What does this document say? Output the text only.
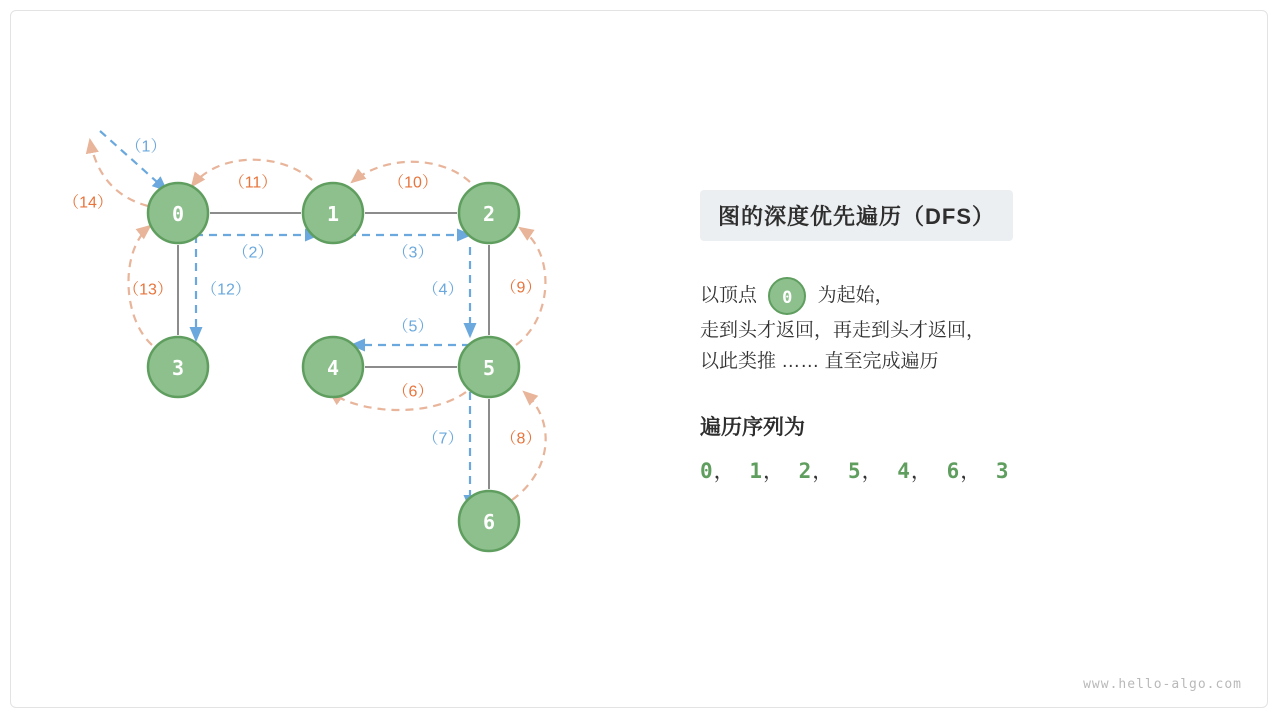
0	1	2
3	4	5
6
（1）
（2）	（3）
（4）
（5）
（6）
（7） （8）
（9）
（10）
（11）
（12）
（13）
（14）
图的深度优先遍历（DFS）
以顶点 0 为起始，
走到头才返回，再走到头才返回，
以此类推 …… 直至完成遍历
遍历序列为
0， 1， 2， 5， 4， 6， 3
www.hello-algo.com
